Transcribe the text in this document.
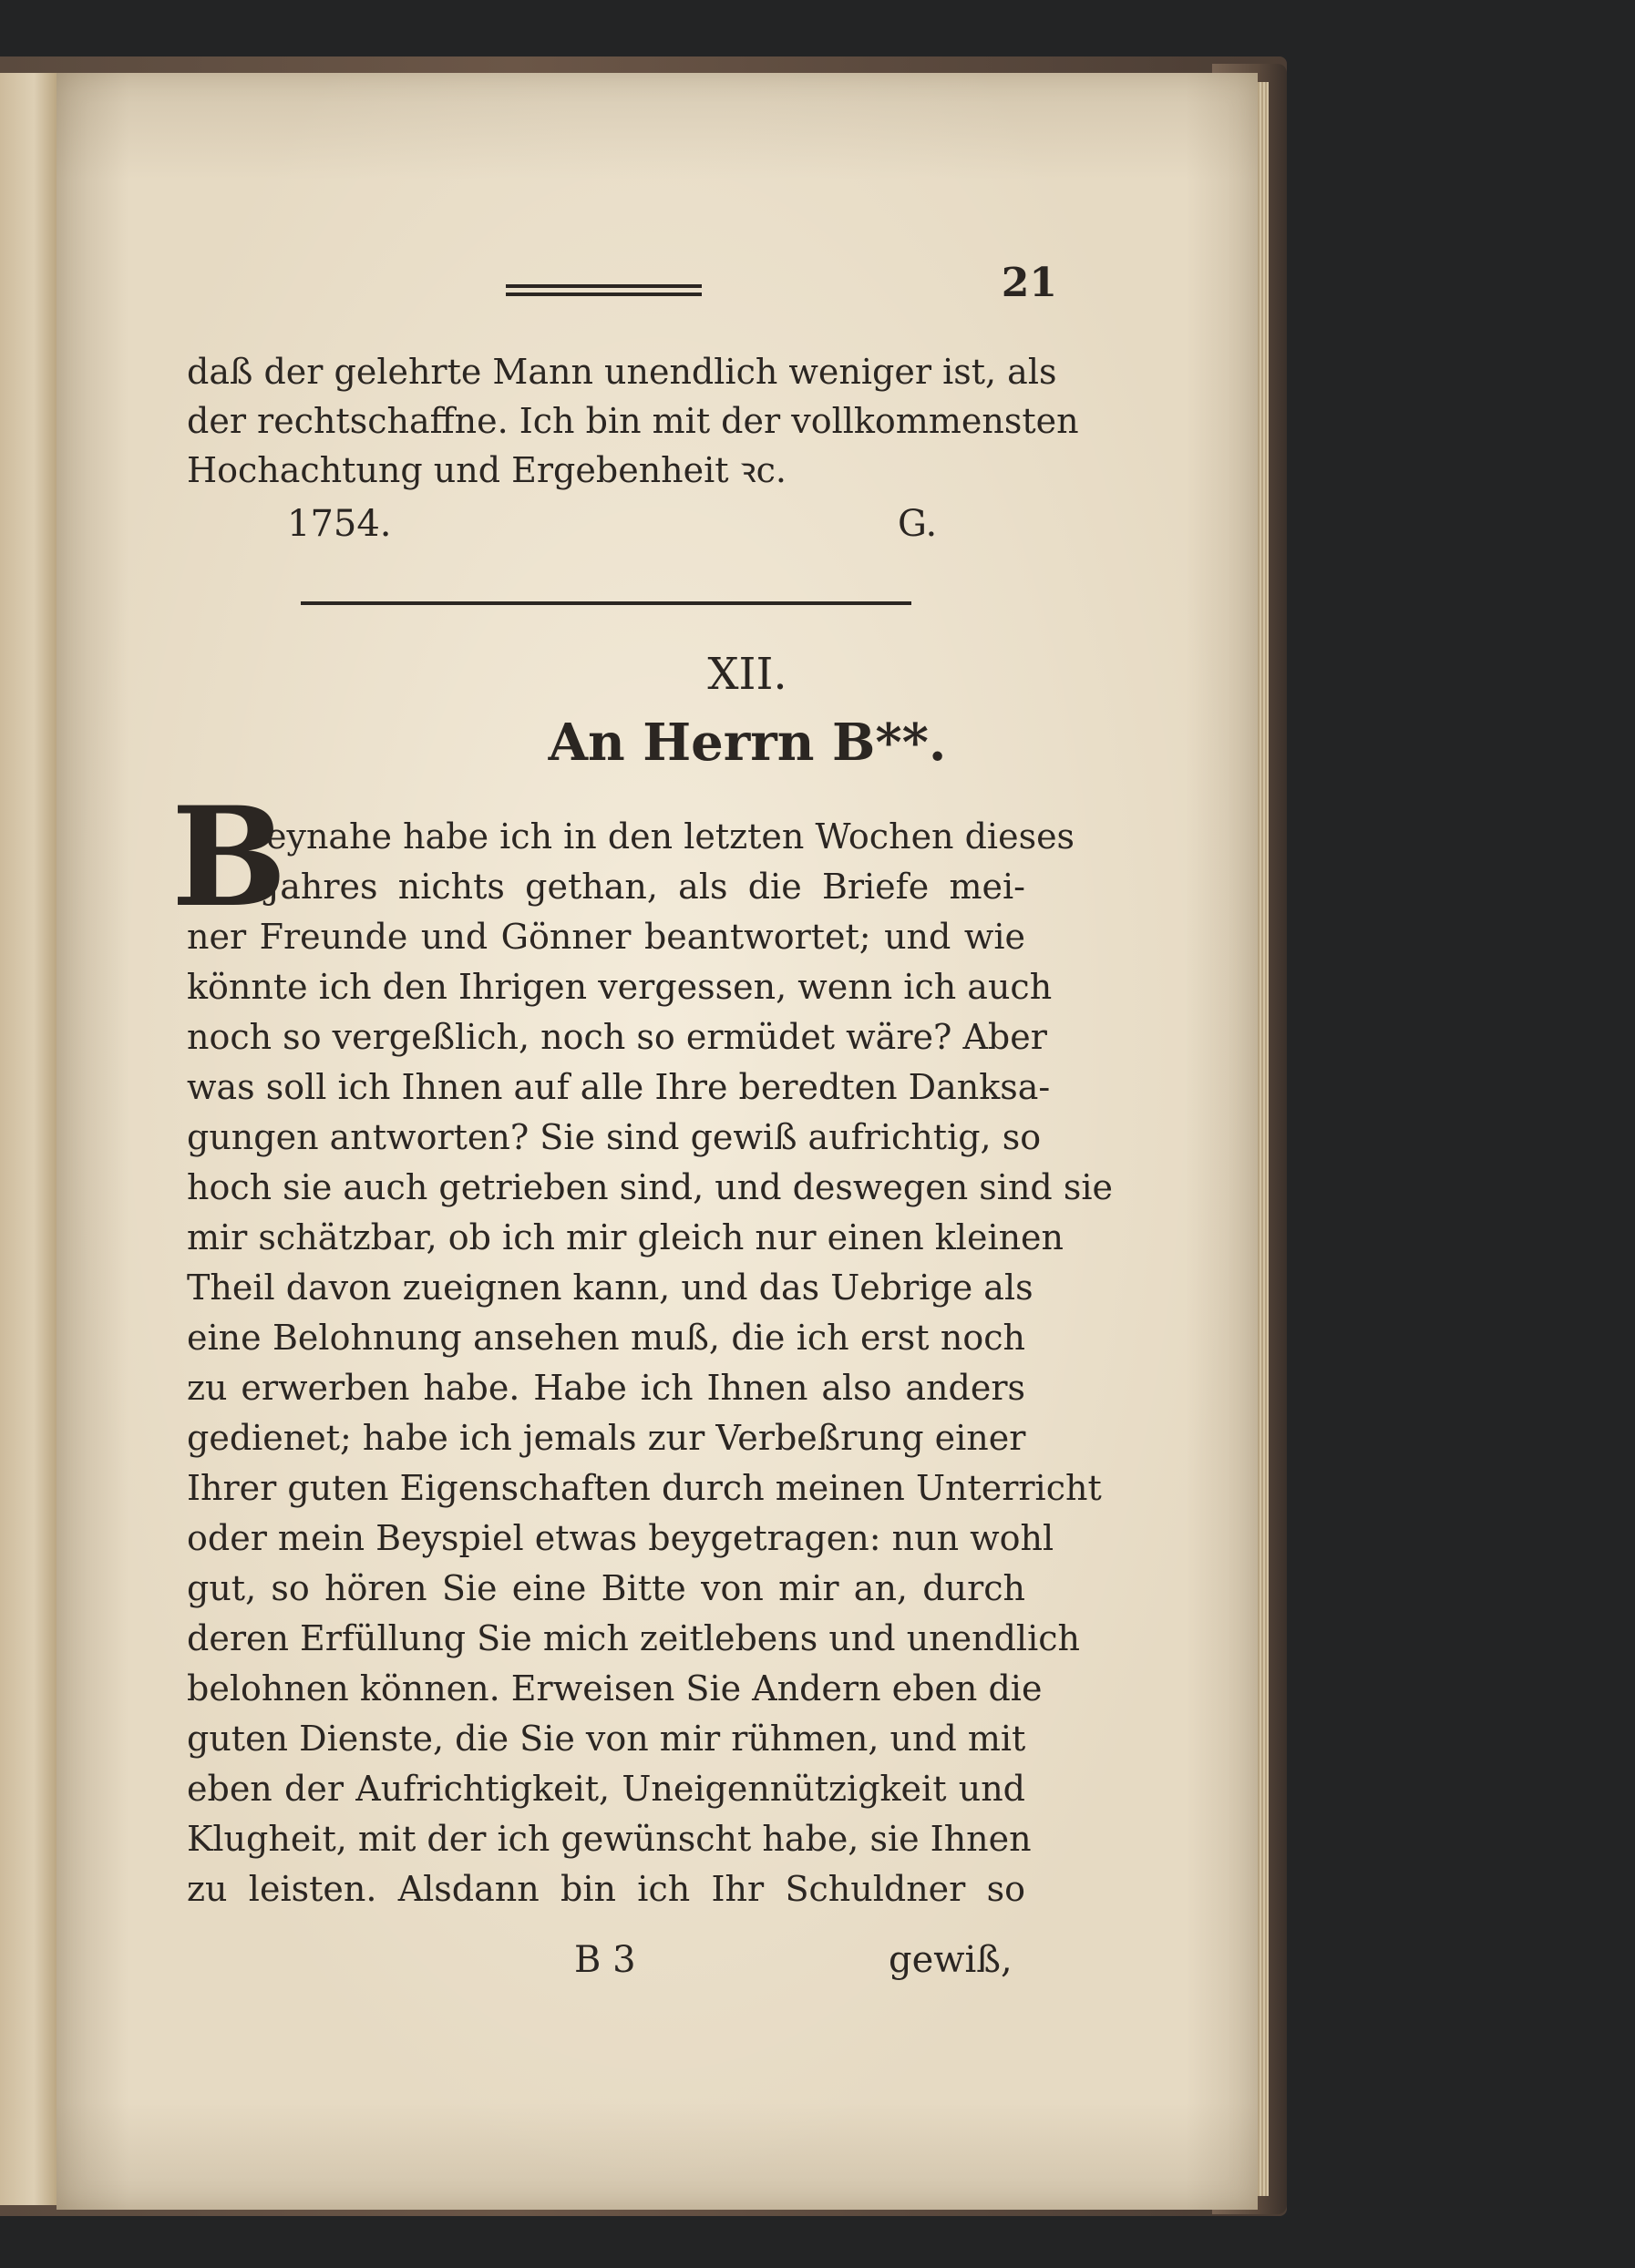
21
daß der gelehrte Mann unendlich weniger ist, als
der rechtschaffne. Ich bin mit der vollkommensten
Hochachtung und Ergebenheit ꝛc.
1754.	G.
XII.
An Herrn B**.
B
eynahe habe ich in den letzten Wochen dieses
Jahres nichts gethan, als die Briefe mei-
ner Freunde und Gönner beantwortet; und wie
könnte ich den Ihrigen vergessen, wenn ich auch
noch so vergeßlich, noch so ermüdet wäre? Aber
was soll ich Ihnen auf alle Ihre beredten Danksa-
gungen antworten? Sie sind gewiß aufrichtig, so
hoch sie auch getrieben sind, und deswegen sind sie
mir schätzbar, ob ich mir gleich nur einen kleinen
Theil davon zueignen kann, und das Uebrige als
eine Belohnung ansehen muß, die ich erst noch
zu erwerben habe. Habe ich Ihnen also anders
gedienet; habe ich jemals zur Verbeßrung einer
Ihrer guten Eigenschaften durch meinen Unterricht
oder mein Beyspiel etwas beygetragen: nun wohl
gut, so hören Sie eine Bitte von mir an, durch
deren Erfüllung Sie mich zeitlebens und unendlich
belohnen können. Erweisen Sie Andern eben die
guten Dienste, die Sie von mir rühmen, und mit
eben der Aufrichtigkeit, Uneigennützigkeit und
Klugheit, mit der ich gewünscht habe, sie Ihnen
zu leisten. Alsdann bin ich Ihr Schuldner so
B 3	gewiß,
